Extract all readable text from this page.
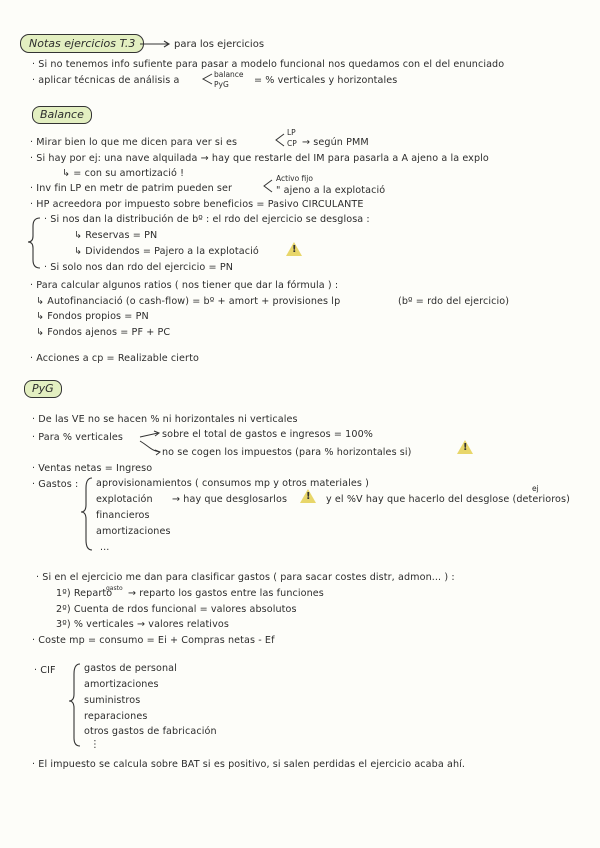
Notas ejercicios T.3	para los ejercicios
· Si no tenemos info sufiente para pasar a modelo funcional nos quedamos con el del enunciado
· aplicar técnicas de análisis a
balance
PyG	= % verticales y horizontales
Balance
· Mirar bien lo que me dicen para ver si es
LP
CP → según PMM
· Si hay por ej: una nave alquilada → hay que restarle del IM para pasarla a A ajeno a la explo
↳ = con su amortizació !	Activo fijo
· Inv fin LP en metr de patrim pueden ser	" ajeno a la explotació
· HP acreedora por impuesto sobre beneficios = Pasivo CIRCULANTE
· Si nos dan la distribución de bº : el rdo del ejercicio se desglosa :
↳ Reservas = PN
↳ Dividendos = Pajero a la explotació
!
· Si solo nos dan rdo del ejercicio = PN
· Para calcular algunos ratios ( nos tiener que dar la fórmula ) :
↳ Autofinanciació (o cash-flow) = bº + amort + provisiones lp	(bº = rdo del ejercicio)
↳ Fondos propios = PN
↳ Fondos ajenos = PF + PC
· Acciones a cp = Realizable cierto
PyG
· De las VE no se hacen % ni horizontales ni verticales
· Para % verticales	sobre el total de gastos e ingresos = 100%
no se cogen los impuestos (para % horizontales si)
!
· Ventas netas = Ingreso
· Gastos : aprovisionamientos ( consumos mp y otros materiales )
explotación → hay que desglosarlos
!	y el %V hay que hacerlo del desglose (deterioros)
ej
financieros
amortizaciones
...
· Si en el ejercicio me dan para clasificar gastos ( para sacar costes distr, admon... ) :
1º) Reparto
gasto → reparto los gastos entre las funciones
2º) Cuenta de rdos funcional = valores absolutos
3º) % verticales → valores relativos
· Coste mp = consumo = Ei + Compras netas - Ef
· CIF	gastos de personal
amortizaciones
suministros
reparaciones
otros gastos de fabricación
⋮
· El impuesto se calcula sobre BAT si es positivo, si salen perdidas el ejercicio acaba ahí.
